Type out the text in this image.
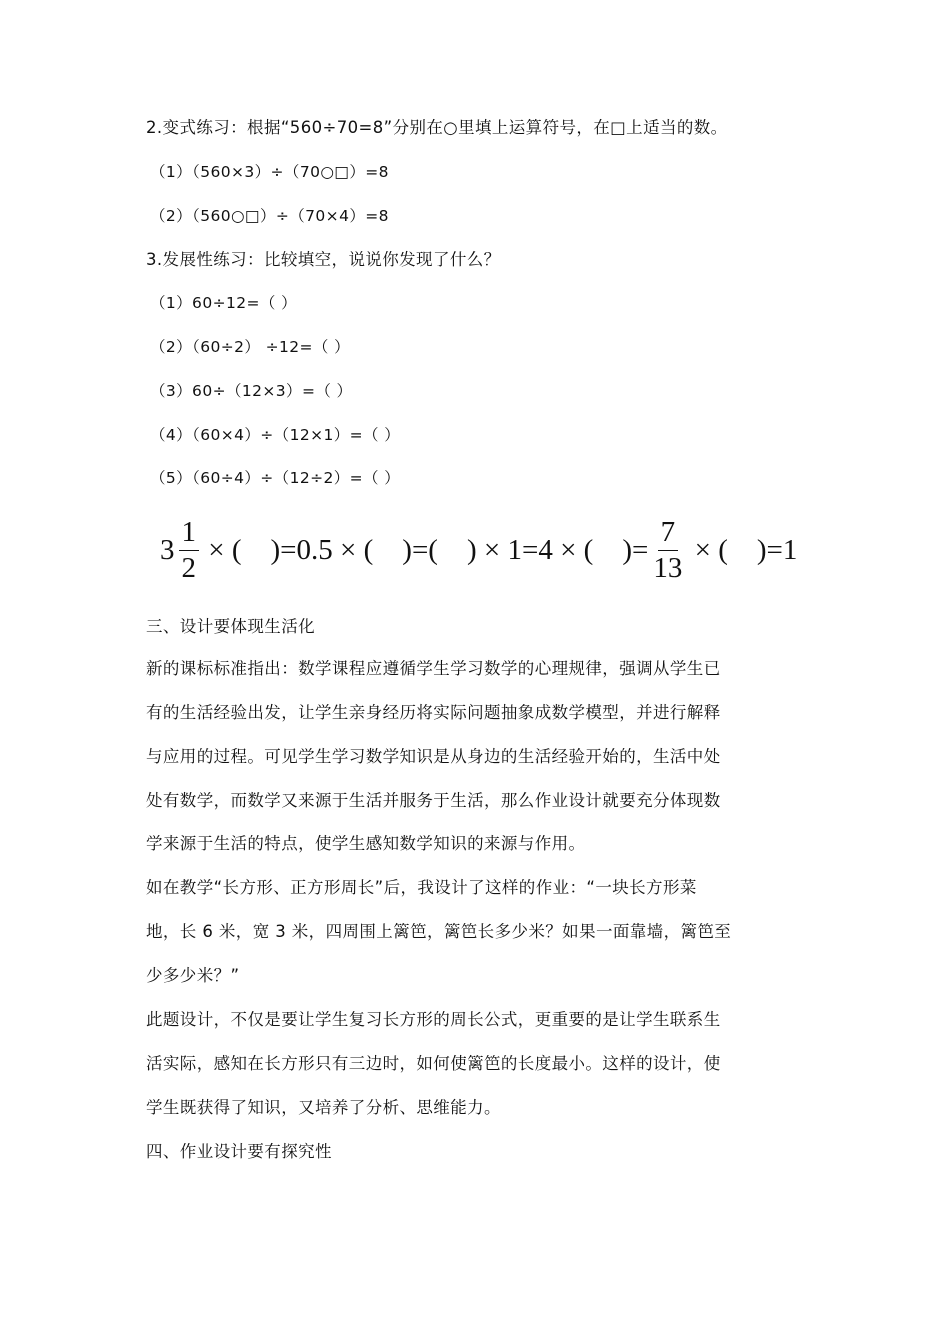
2.变式练习：根据“560÷70=8”分别在○里填上运算符号，在□上适当的数。
（1）（560×3）÷（70○□）=8
（2）（560○□）÷（70×4）=8
3.发展性练习：比较填空，说说你发现了什么？
（1）60÷12=（ ）
（2）（60÷2） ÷12=（ ）
（3）60÷（12×3）=（ ）
（4）（60×4）÷（12×1）=（ ）
（5）（60÷4）÷（12÷2）=（ ）
$3 \frac{1}{2}$ × (    )=0.5 × (    )=(    ) × 1=4 × (    )= $\frac{7}{13}$ × (    )=1
三、设计要体现生活化
新的课标标准指出：数学课程应遵循学生学习数学的心理规律，强调从学生已
有的生活经验出发，让学生亲身经历将实际问题抽象成数学模型，并进行解释
与应用的过程。可见学生学习数学知识是从身边的生活经验开始的，生活中处
处有数学，而数学又来源于生活并服务于生活，那么作业设计就要充分体现数
学来源于生活的特点，使学生感知数学知识的来源与作用。
如在教学“长方形、正方形周长”后，我设计了这样的作业：“一块长方形菜
地，长 6 米，宽 3 米，四周围上篱笆，篱笆长多少米？如果一面靠墙，篱笆至
少多少米？”
此题设计，不仅是要让学生复习长方形的周长公式，更重要的是让学生联系生
活实际，感知在长方形只有三边时，如何使篱笆的长度最小。这样的设计，使
学生既获得了知识，又培养了分析、思维能力。
四、作业设计要有探究性
